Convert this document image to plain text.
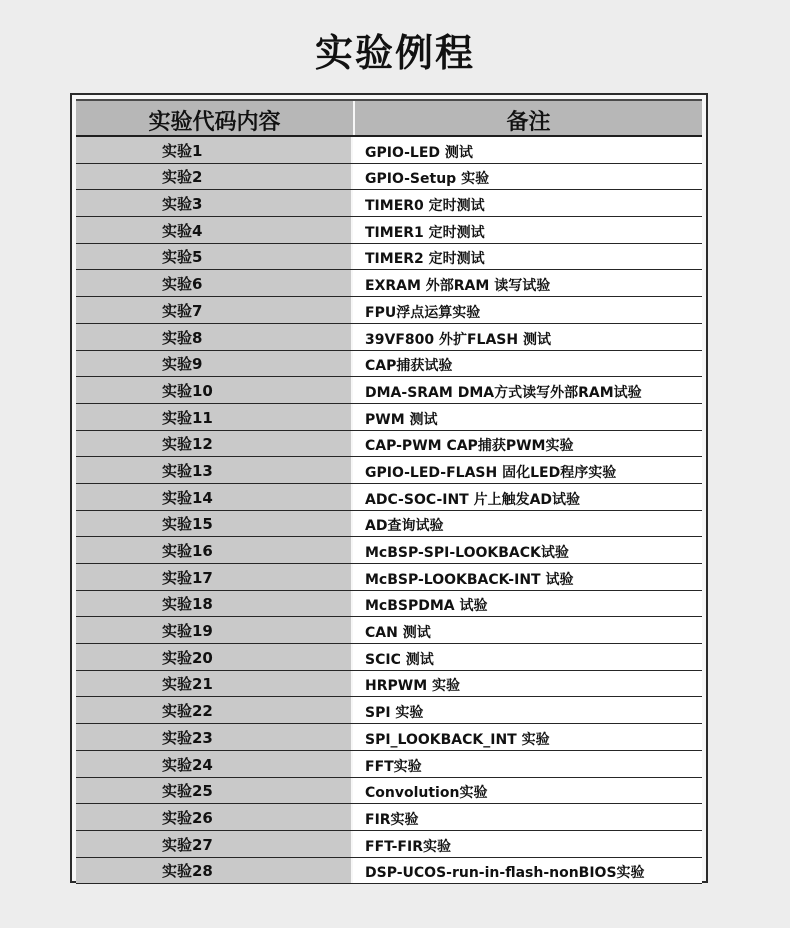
实验例程
实验代码内容	备注
实验1	GPIO-LED 测试
实验2	GPIO-Setup 实验
实验3	TIMER0 定时测试
实验4	TIMER1 定时测试
实验5	TIMER2 定时测试
实验6	EXRAM 外部RAM 读写试验
实验7	FPU浮点运算实验
实验8	39VF800 外扩FLASH 测试
实验9	CAP捕获试验
实验10	DMA-SRAM DMA方式读写外部RAM试验
实验11	PWM 测试
实验12	CAP-PWM CAP捕获PWM实验
实验13	GPIO-LED-FLASH 固化LED程序实验
实验14	ADC-SOC-INT 片上触发AD试验
实验15	AD查询试验
实验16	McBSP-SPI-LOOKBACK试验
实验17	McBSP-LOOKBACK-INT 试验
实验18	McBSPDMA 试验
实验19	CAN 测试
实验20	SCIC 测试
实验21	HRPWM 实验
实验22	SPI 实验
实验23	SPI_LOOKBACK_INT 实验
实验24	FFT实验
实验25	Convolution实验
实验26	FIR实验
实验27	FFT-FIR实验
实验28	DSP-UCOS-run-in-flash-nonBIOS实验
